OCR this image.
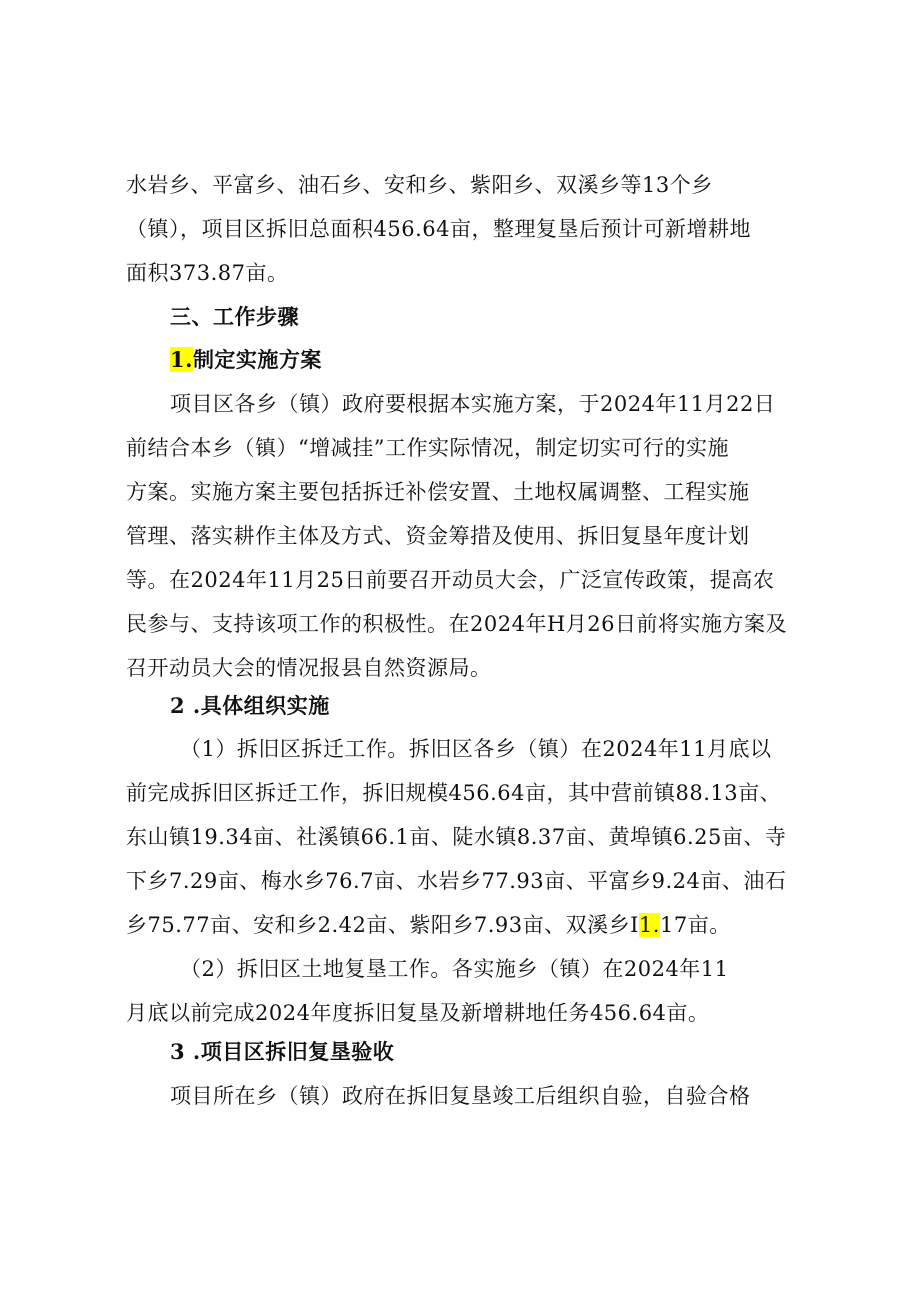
水岩乡、平富乡、油石乡、安和乡、紫阳乡、双溪乡等13个乡
（镇），项目区拆旧总面积456.64亩，整理复垦后预计可新增耕地
面积373.87亩。
三、工作步骤
1.制定实施方案
项目区各乡（镇）政府要根据本实施方案，于2024年11月22日
前结合本乡（镇）“增减挂”工作实际情况，制定切实可行的实施
方案。实施方案主要包括拆迁补偿安置、土地权属调整、工程实施
管理、落实耕作主体及方式、资金筹措及使用、拆旧复垦年度计划
等。在2024年11月25日前要召开动员大会，广泛宣传政策，提高农
民参与、支持该项工作的积极性。在2024年H月26日前将实施方案及
召开动员大会的情况报县自然资源局。
2 .具体组织实施
（1）拆旧区拆迁工作。拆旧区各乡（镇）在2024年11月底以
前完成拆旧区拆迁工作，拆旧规模456.64亩，其中营前镇88.13亩、
东山镇19.34亩、社溪镇66.1亩、陡水镇8.37亩、黄埠镇6.25亩、寺
下乡7.29亩、梅水乡76.7亩、水岩乡77.93亩、平富乡9.24亩、油石
乡75.77亩、安和乡2.42亩、紫阳乡7.93亩、双溪乡I1.17亩。
（2）拆旧区土地复垦工作。各实施乡（镇）在2024年11
月底以前完成2024年度拆旧复垦及新增耕地任务456.64亩。
3 .项目区拆旧复垦验收
项目所在乡（镇）政府在拆旧复垦竣工后组织自验，自验合格
